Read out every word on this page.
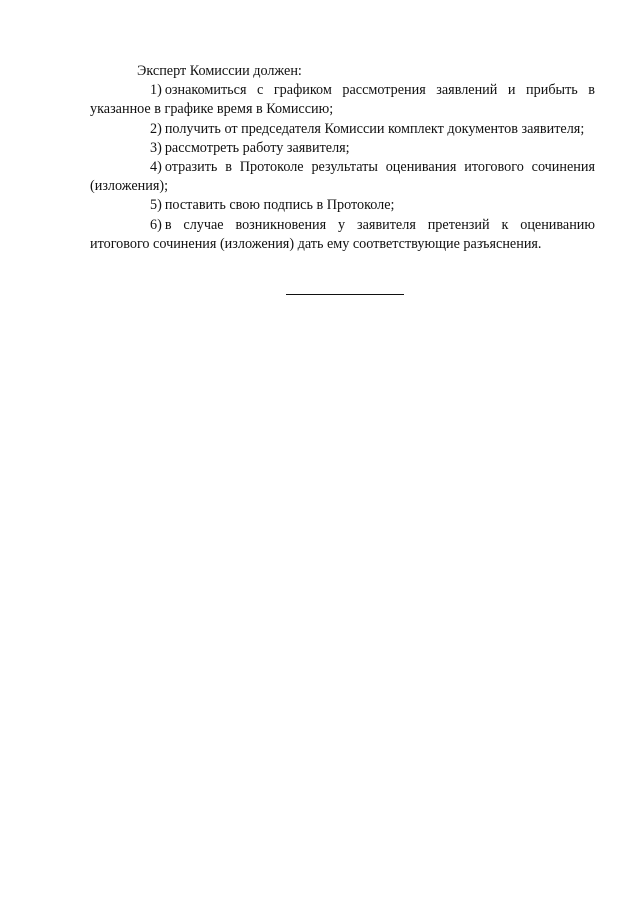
Эксперт Комиссии должен:

1) ознакомиться с графиком рассмотрения заявлений и прибыть в указанное в графике время в Комиссию;

2) получить от председателя Комиссии комплект документов заявителя;

3) рассмотреть работу заявителя;

4) отразить в Протоколе результаты оценивания итогового сочинения (изложения);

5) поставить свою подпись в Протоколе;

6) в случае возникновения у заявителя претензий к оцениванию итогового сочинения (изложения) дать ему соответствующие разъяснения.
